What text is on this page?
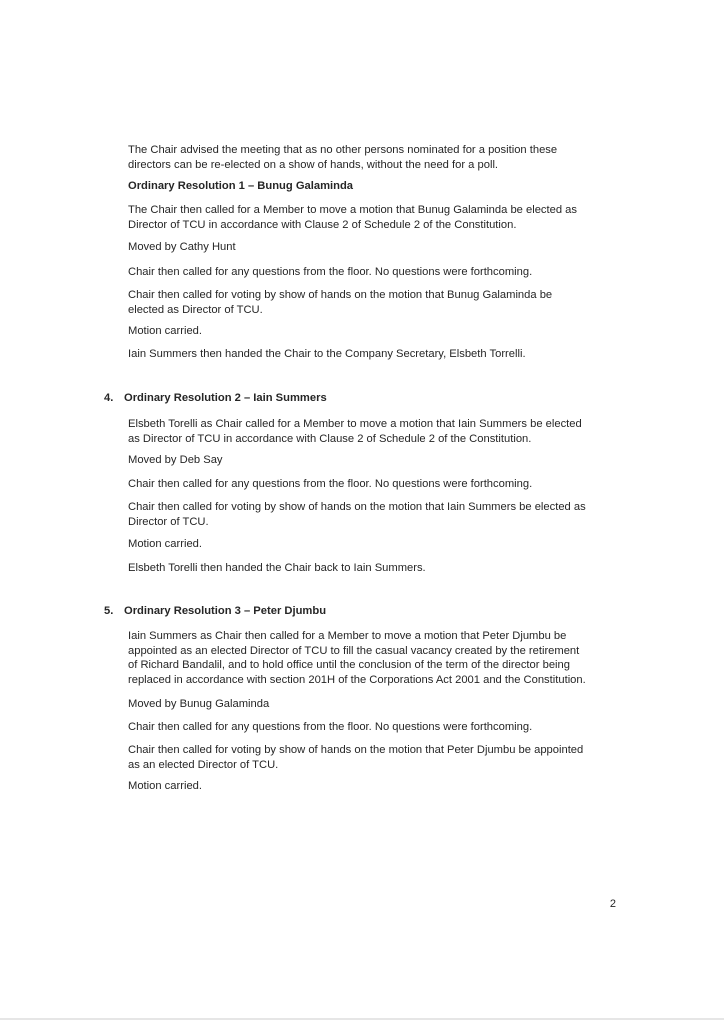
The Chair advised the meeting that as no other persons nominated for a position these
directors can be re-elected on a show of hands, without the need for a poll.

Ordinary Resolution 1 – Bunug Galaminda

The Chair then called for a Member to move a motion that Bunug Galaminda be elected as
Director of TCU in accordance with Clause 2 of Schedule 2 of the Constitution.

Moved by Cathy Hunt

Chair then called for any questions from the floor. No questions were forthcoming.

Chair then called for voting by show of hands on the motion that Bunug Galaminda be
elected as Director of TCU.

Motion carried.

Iain Summers then handed the Chair to the Company Secretary, Elsbeth Torrelli.

4. Ordinary Resolution 2 – Iain Summers

Elsbeth Torelli as Chair called for a Member to move a motion that Iain Summers be elected
as Director of TCU in accordance with Clause 2 of Schedule 2 of the Constitution.

Moved by Deb Say

Chair then called for any questions from the floor. No questions were forthcoming.

Chair then called for voting by show of hands on the motion that Iain Summers be elected as
Director of TCU.

Motion carried.

Elsbeth Torelli then handed the Chair back to Iain Summers.

5. Ordinary Resolution 3 – Peter Djumbu

Iain Summers as Chair then called for a Member to move a motion that Peter Djumbu be
appointed as an elected Director of TCU to fill the casual vacancy created by the retirement
of Richard Bandalil, and to hold office until the conclusion of the term of the director being
replaced in accordance with section 201H of the Corporations Act 2001 and the Constitution.

Moved by Bunug Galaminda

Chair then called for any questions from the floor. No questions were forthcoming.

Chair then called for voting by show of hands on the motion that Peter Djumbu be appointed
as an elected Director of TCU.

Motion carried.

2
